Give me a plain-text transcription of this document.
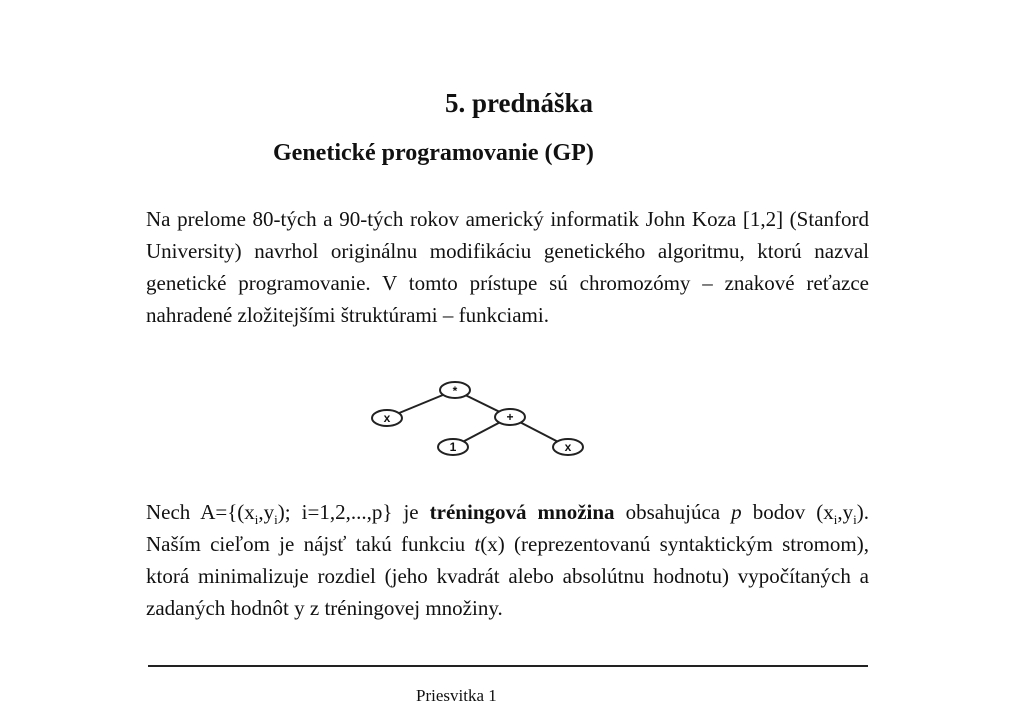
5. prednáška
Genetické programovanie (GP)

Na prelome 80-tých a 90-tých rokov americký informatik John Koza [1,2] (Stanford University) navrhol originálnu modifikáciu genetického algoritmu, ktorú nazval genetické programovanie. V tomto prístupe sú chromozómy – znakové reťazce nahradené zložitejšími štruktúrami – funkciami.

*
x	+
1	x

Nech $A=\{(x_i,y_i)$; i=1,2,...,p} je tréningová množina obsahujúca p bodov $(x_i,y_i)$. Naším cieľom je nájsť takú funkciu t(x) (reprezentovanú syntaktickým stromom), ktorá minimalizuje rozdiel (jeho kvadrát alebo absolútnu hodnotu) vypočítaných a zadaných hodnôt y z tréningovej množiny.

Priesvitka 1
